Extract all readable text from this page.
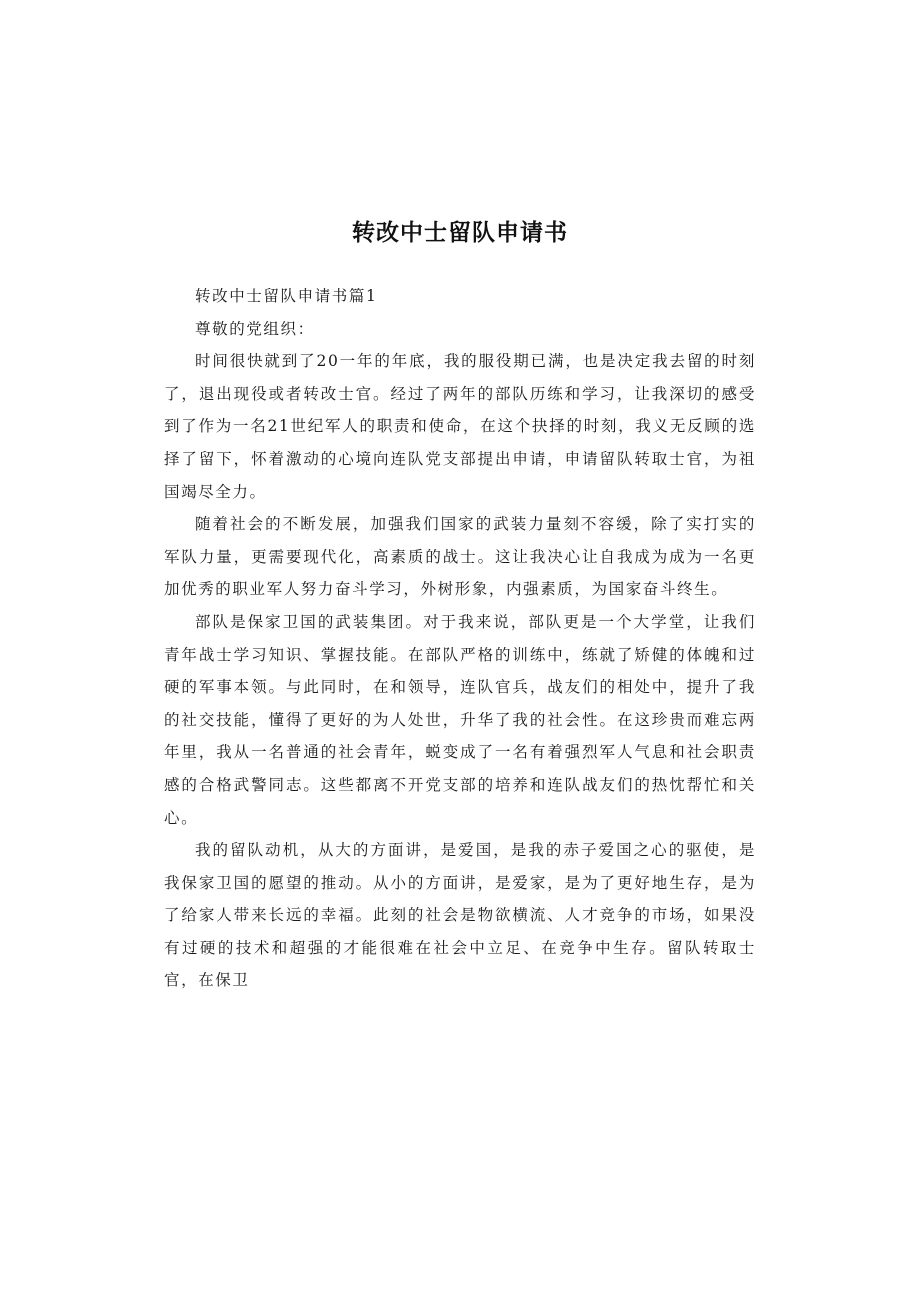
转改中士留队申请书

转改中士留队申请书篇1

尊敬的党组织：

时间很快就到了20一年的年底，我的服役期已满，也是决定我去留的时刻了，退出现役或者转改士官。经过了两年的部队历练和学习，让我深切的感受到了作为一名21世纪军人的职责和使命，在这个抉择的时刻，我义无反顾的选择了留下，怀着激动的心境向连队党支部提出申请，申请留队转取士官，为祖国竭尽全力。

随着社会的不断发展，加强我们国家的武装力量刻不容缓，除了实打实的军队力量，更需要现代化，高素质的战士。这让我决心让自我成为成为一名更加优秀的职业军人努力奋斗学习，外树形象，内强素质，为国家奋斗终生。

部队是保家卫国的武装集团。对于我来说，部队更是一个大学堂，让我们青年战士学习知识、掌握技能。在部队严格的训练中，练就了矫健的体魄和过硬的军事本领。与此同时，在和领导，连队官兵，战友们的相处中，提升了我的社交技能，懂得了更好的为人处世，升华了我的社会性。在这珍贵而难忘两年里，我从一名普通的社会青年，蜕变成了一名有着强烈军人气息和社会职责感的合格武警同志。这些都离不开党支部的培养和连队战友们的热忱帮忙和关心。

我的留队动机，从大的方面讲，是爱国，是我的赤子爱国之心的驱使，是我保家卫国的愿望的推动。从小的方面讲，是爱家，是为了更好地生存，是为了给家人带来长远的幸福。此刻的社会是物欲横流、人才竞争的市场，如果没有过硬的技术和超强的才能很难在社会中立足、在竞争中生存。留队转取士官，在保卫
